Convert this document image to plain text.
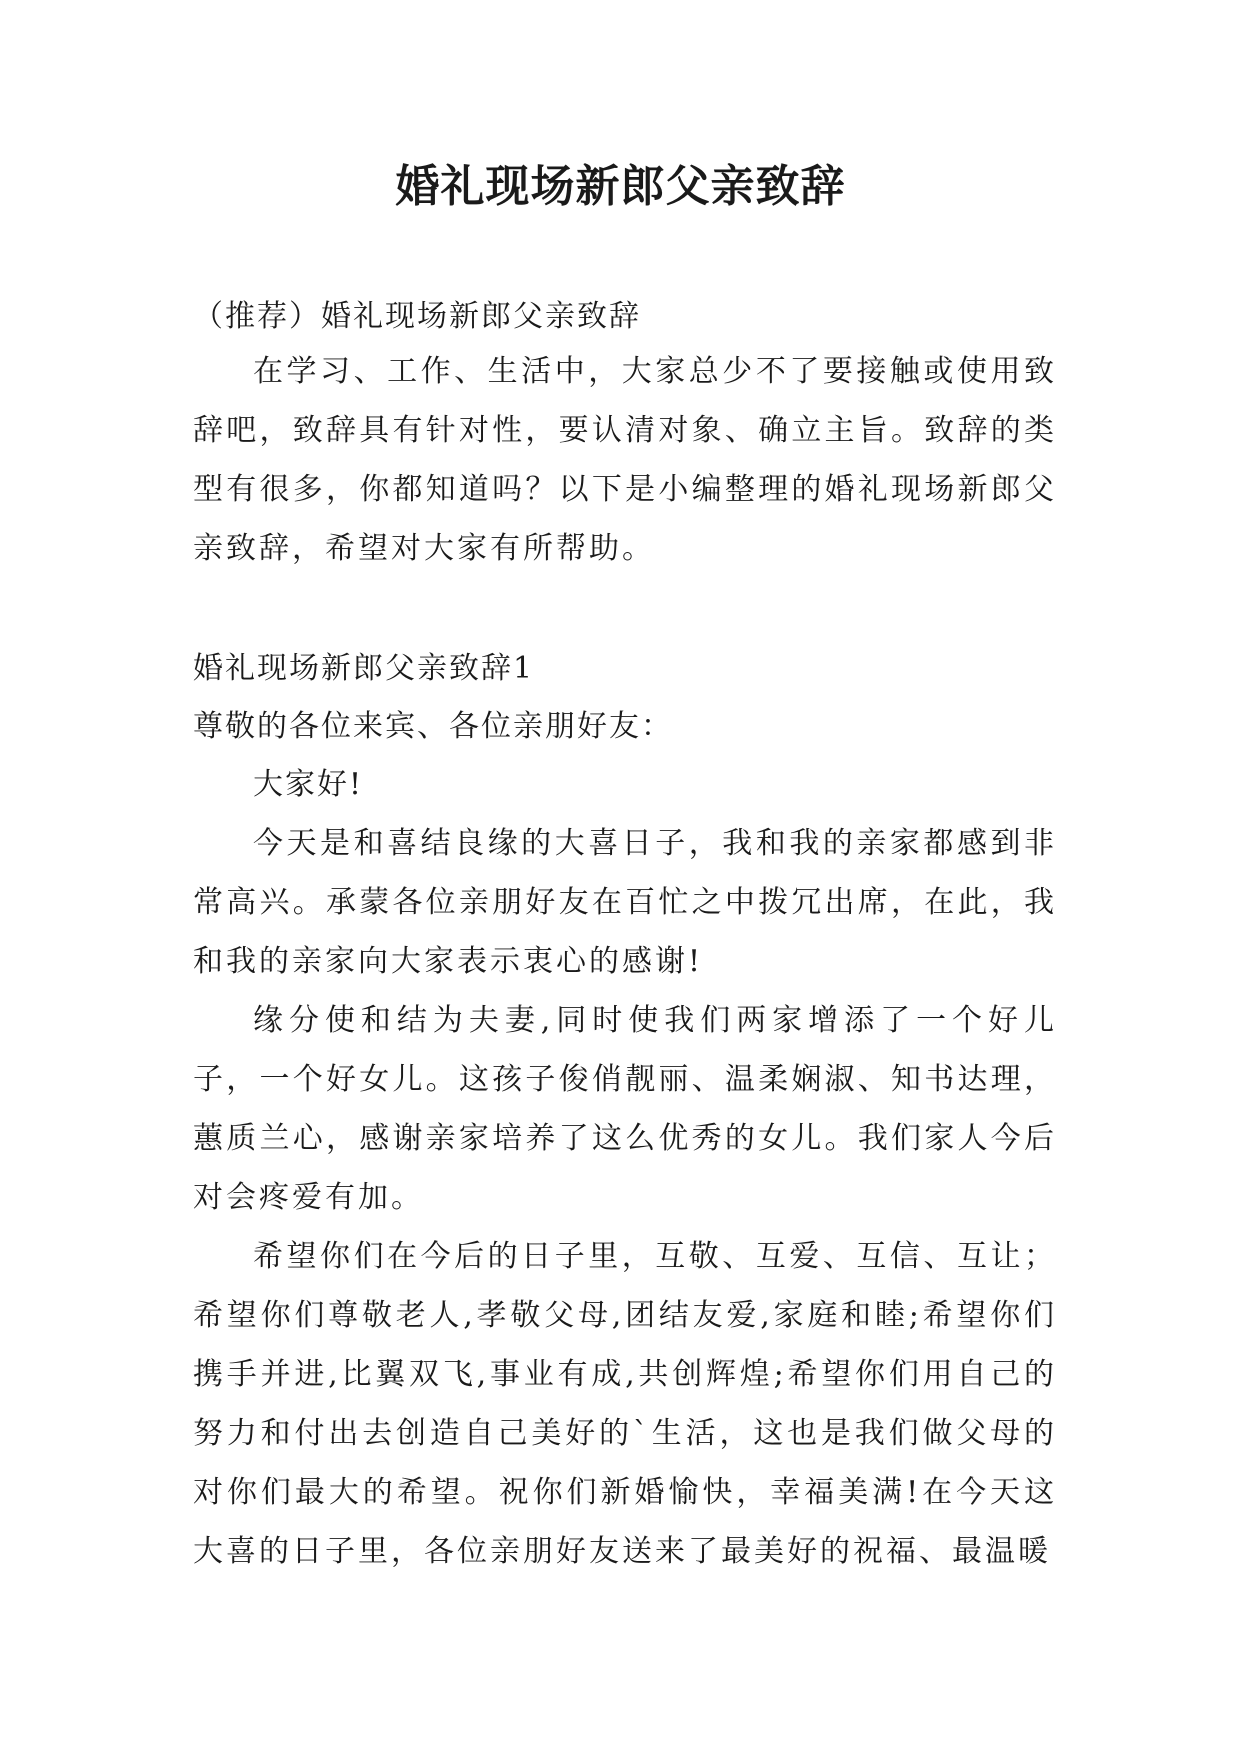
婚礼现场新郎父亲致辞

（推荐）婚礼现场新郎父亲致辞

在学习、工作、生活中，大家总少不了要接触或使用致辞吧，致辞具有针对性，要认清对象、确立主旨。致辞的类型有很多，你都知道吗？以下是小编整理的婚礼现场新郎父亲致辞，希望对大家有所帮助。

婚礼现场新郎父亲致辞1

尊敬的各位来宾、各位亲朋好友：

大家好!

今天是和喜结良缘的大喜日子，我和我的亲家都感到非常高兴。承蒙各位亲朋好友在百忙之中拨冗出席，在此，我和我的亲家向大家表示衷心的感谢!

缘分使和结为夫妻,同时使我们两家增添了一个好儿子，一个好女儿。这孩子俊俏靓丽、温柔娴淑、知书达理，蕙质兰心，感谢亲家培养了这么优秀的女儿。我们家人今后对会疼爱有加。

希望你们在今后的日子里，互敬、互爱、互信、互让；希望你们尊敬老人,孝敬父母,团结友爱,家庭和睦;希望你们携手并进,比翼双飞,事业有成,共创辉煌;希望你们用自己的努力和付出去创造自己美好的`生活，这也是我们做父母的对你们最大的希望。祝你们新婚愉快，幸福美满!在今天这大喜的日子里，各位亲朋好友送来了最美好的祝福、最温暖
